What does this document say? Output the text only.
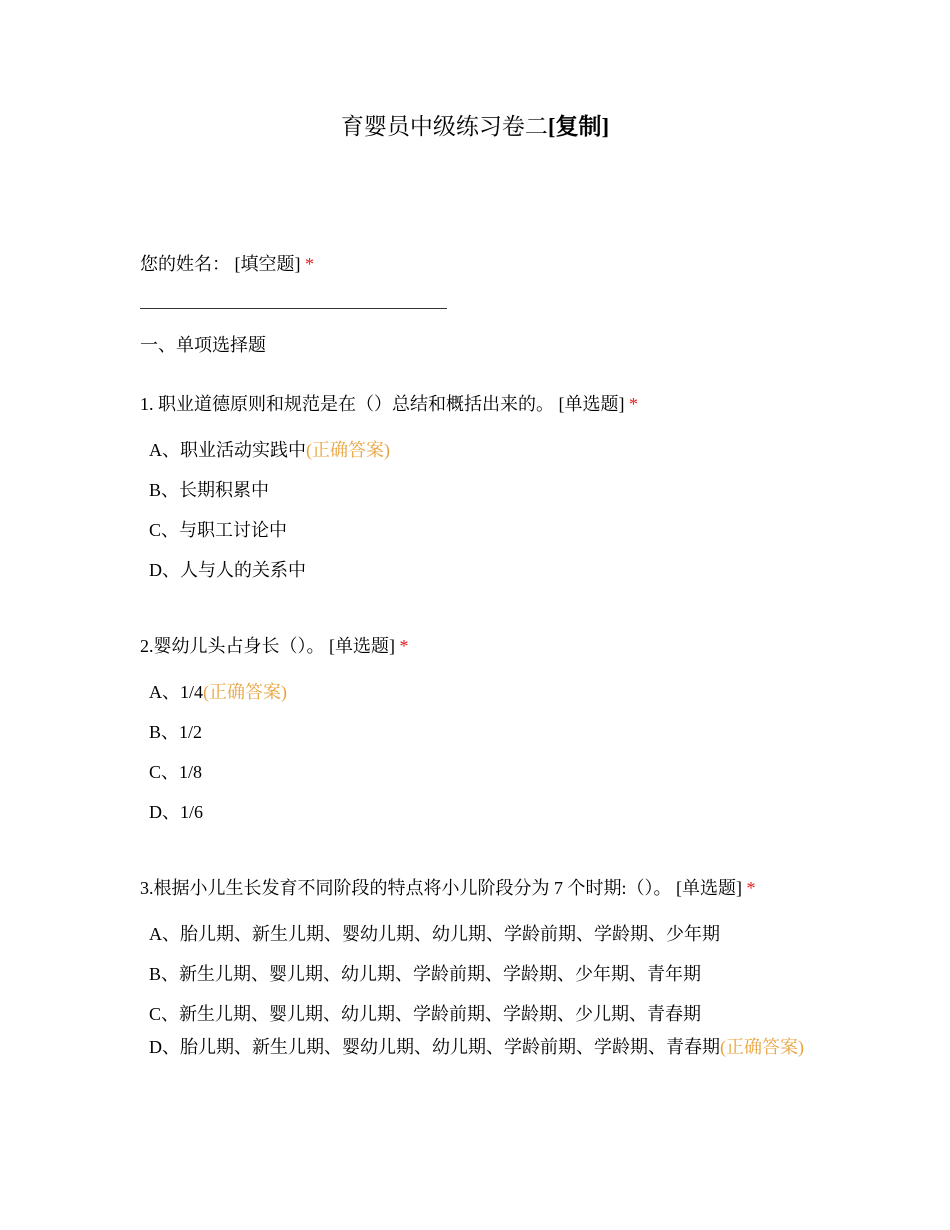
育婴员中级练习卷二[复制]
您的姓名： [填空题] *
一、单项选择题
1. 职业道德原则和规范是在（）总结和概括出来的。 [单选题] *
A、职业活动实践中(正确答案)
B、长期积累中
C、与职工讨论中
D、人与人的关系中
2.婴幼儿头占身长（）。 [单选题] *
A、1/4(正确答案)
B、1/2
C、1/8
D、1/6
3.根据小儿生长发育不同阶段的特点将小儿阶段分为 7 个时期:（）。 [单选题] *
A、胎儿期、新生儿期、婴幼儿期、幼儿期、学龄前期、学龄期、少年期
B、新生儿期、婴儿期、幼儿期、学龄前期、学龄期、少年期、青年期
C、新生儿期、婴儿期、幼儿期、学龄前期、学龄期、少儿期、青春期
D、胎儿期、新生儿期、婴幼儿期、幼儿期、学龄前期、学龄期、青春期(正确答案)
